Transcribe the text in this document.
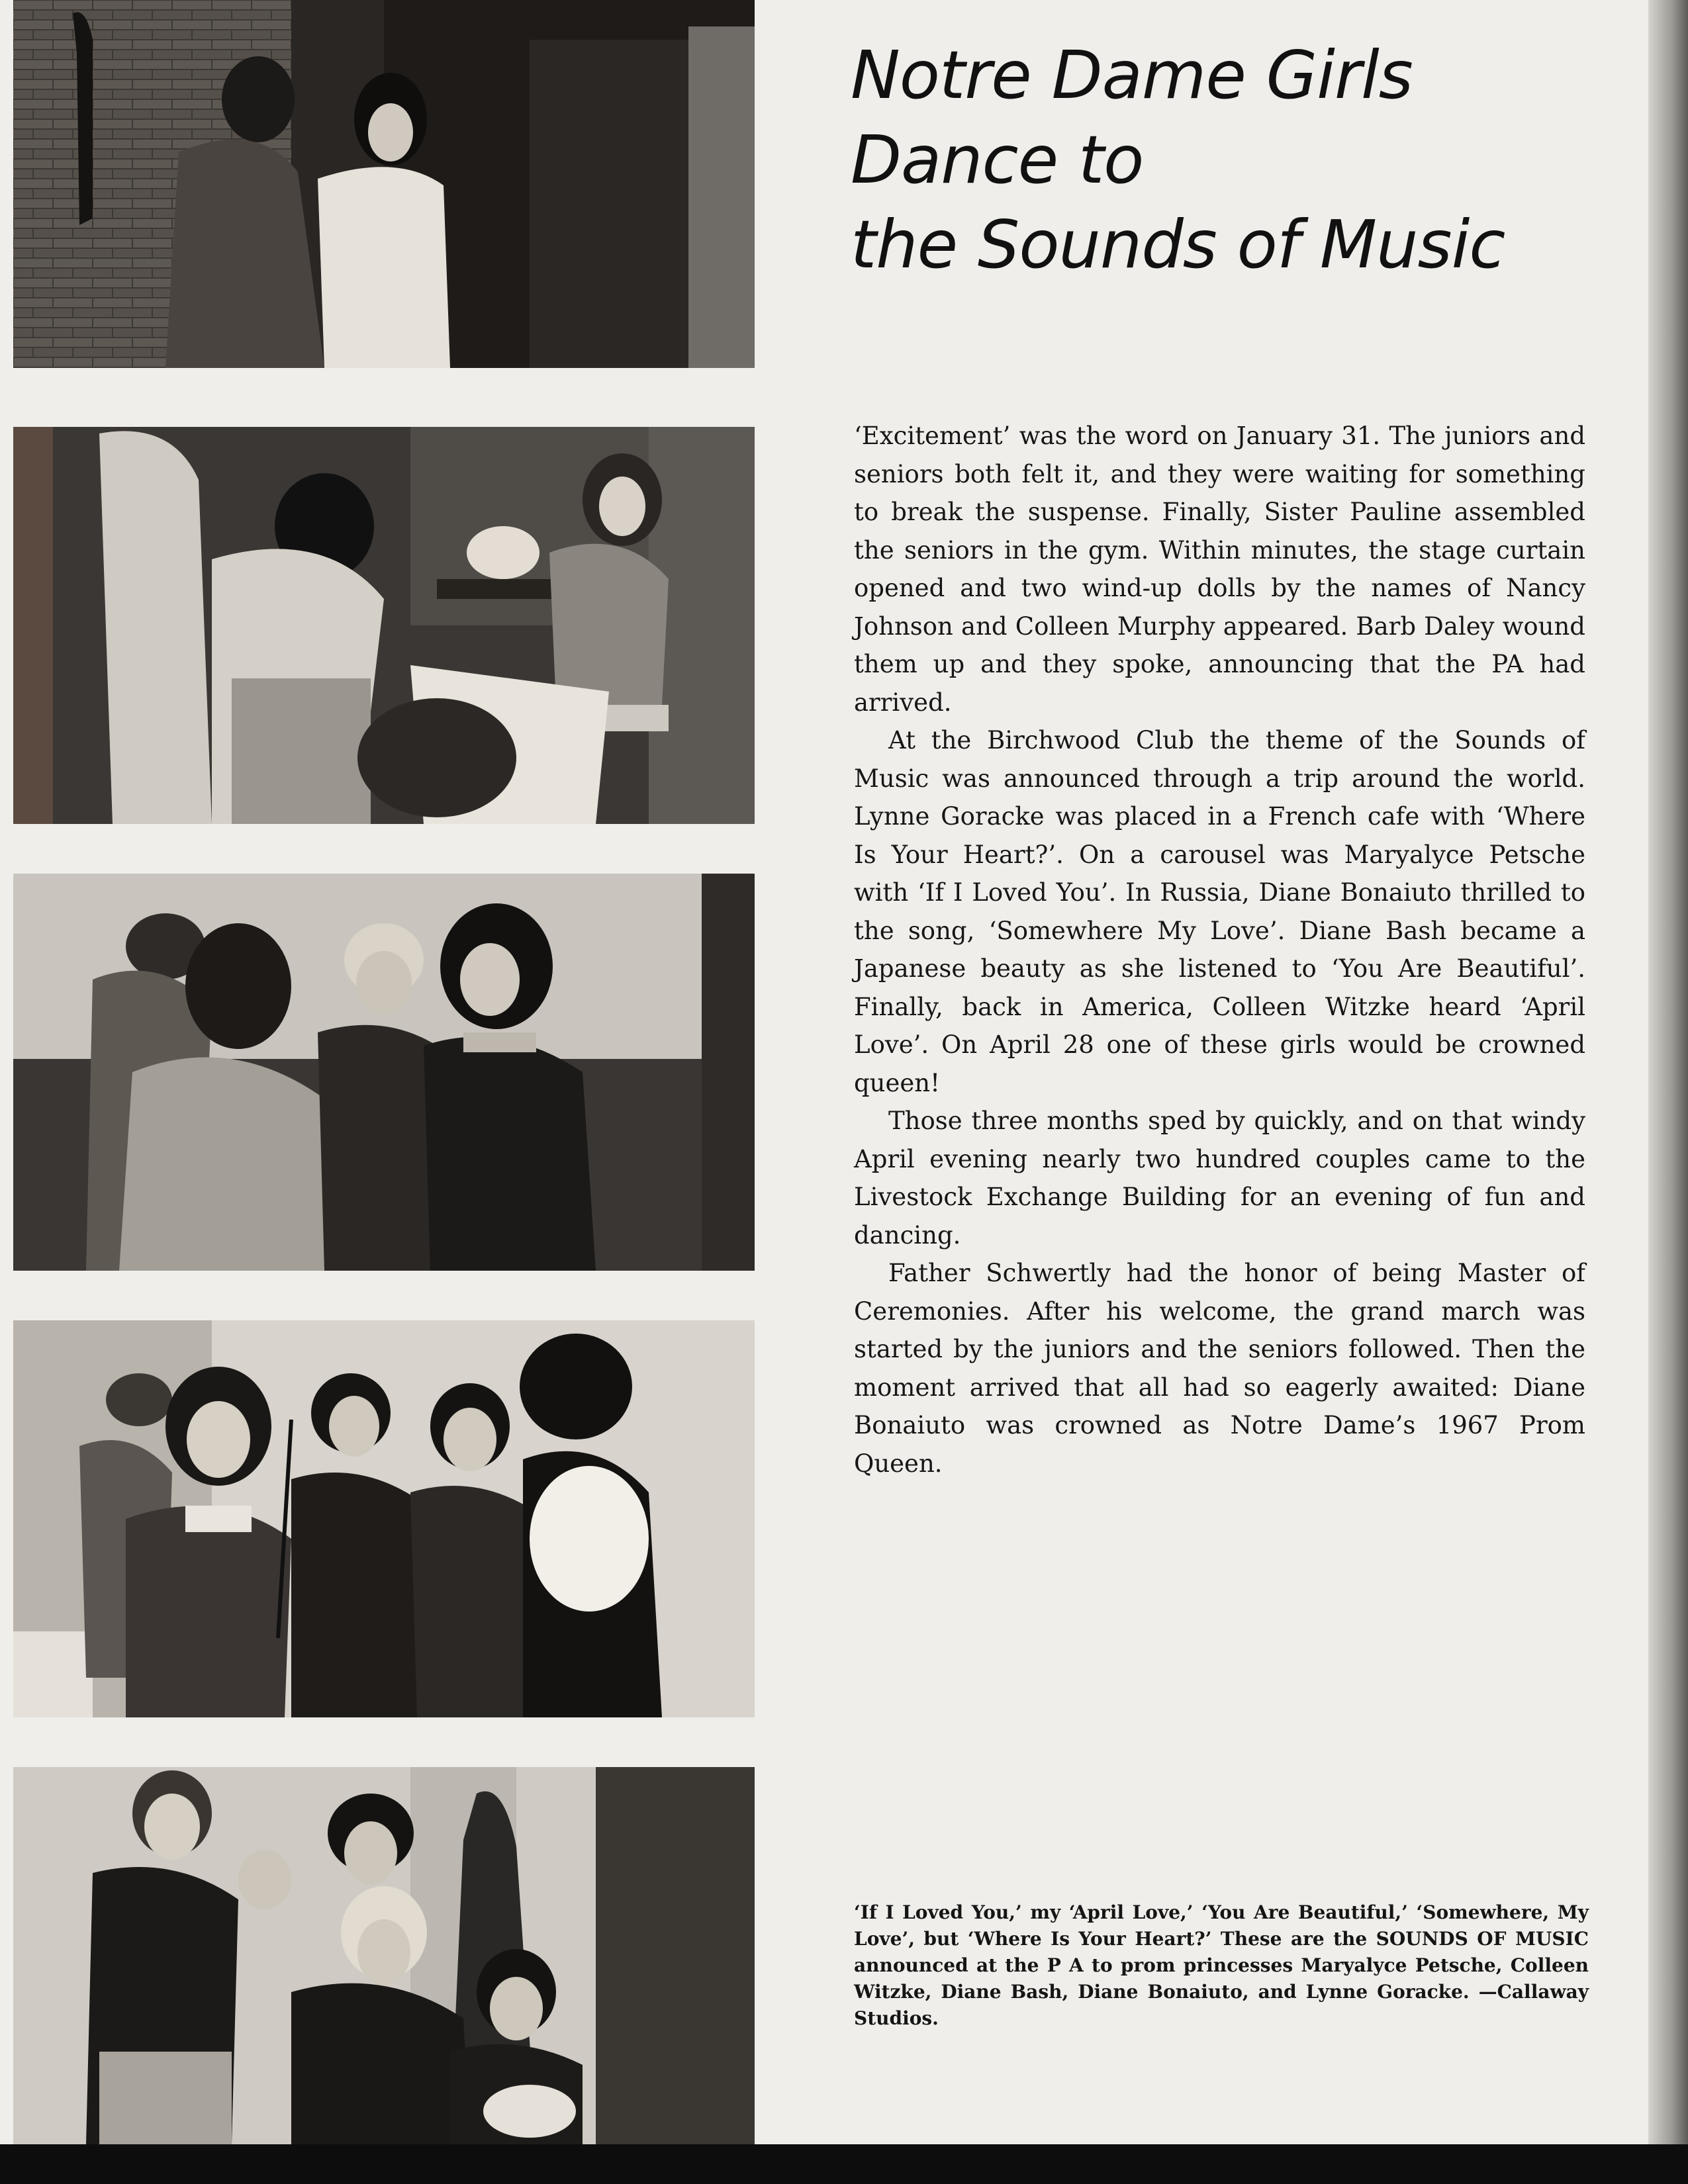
Notre Dame Girls
Dance to
the Sounds of Music

‘Excitement’ was the word on January 31. The juniors and seniors both felt it, and they were waiting for something to break the suspense. Finally, Sister Pauline assembled the seniors in the gym. Within minutes, the stage curtain opened and two wind-up dolls by the names of Nancy Johnson and Colleen Murphy appeared. Barb Daley wound them up and they spoke, announcing that the PA had arrived.

At the Birchwood Club the theme of the Sounds of Music was announced through a trip around the world. Lynne Goracke was placed in a French cafe with ‘Where Is Your Heart?’. On a carousel was Maryalyce Petsche with ‘If I Loved You’. In Russia, Diane Bonaiuto thrilled to the song, ‘Somewhere My Love’. Diane Bash became a Japanese beauty as she listened to ‘You Are Beautiful’. Finally, back in America, Colleen Witzke heard ‘April Love’. On April 28 one of these girls would be crowned queen!

Those three months sped by quickly, and on that windy April evening nearly two hundred couples came to the Livestock Exchange Building for an evening of fun and dancing.

Father Schwertly had the honor of being Master of Ceremonies. After his welcome, the grand march was started by the juniors and the seniors followed. Then the moment arrived that all had so eagerly awaited: Diane Bonaiuto was crowned as Notre Dame’s 1967 Prom Queen.

‘If I Loved You,’ my ‘April Love,’ ‘You Are Beautiful,’ ‘Somewhere, My Love’, but ‘Where Is Your Heart?’ These are the SOUNDS OF MUSIC announced at the P A to prom princesses Maryalyce Petsche, Colleen Witzke, Diane Bash, Diane Bonaiuto, and Lynne Goracke. —Callaway Studios.
